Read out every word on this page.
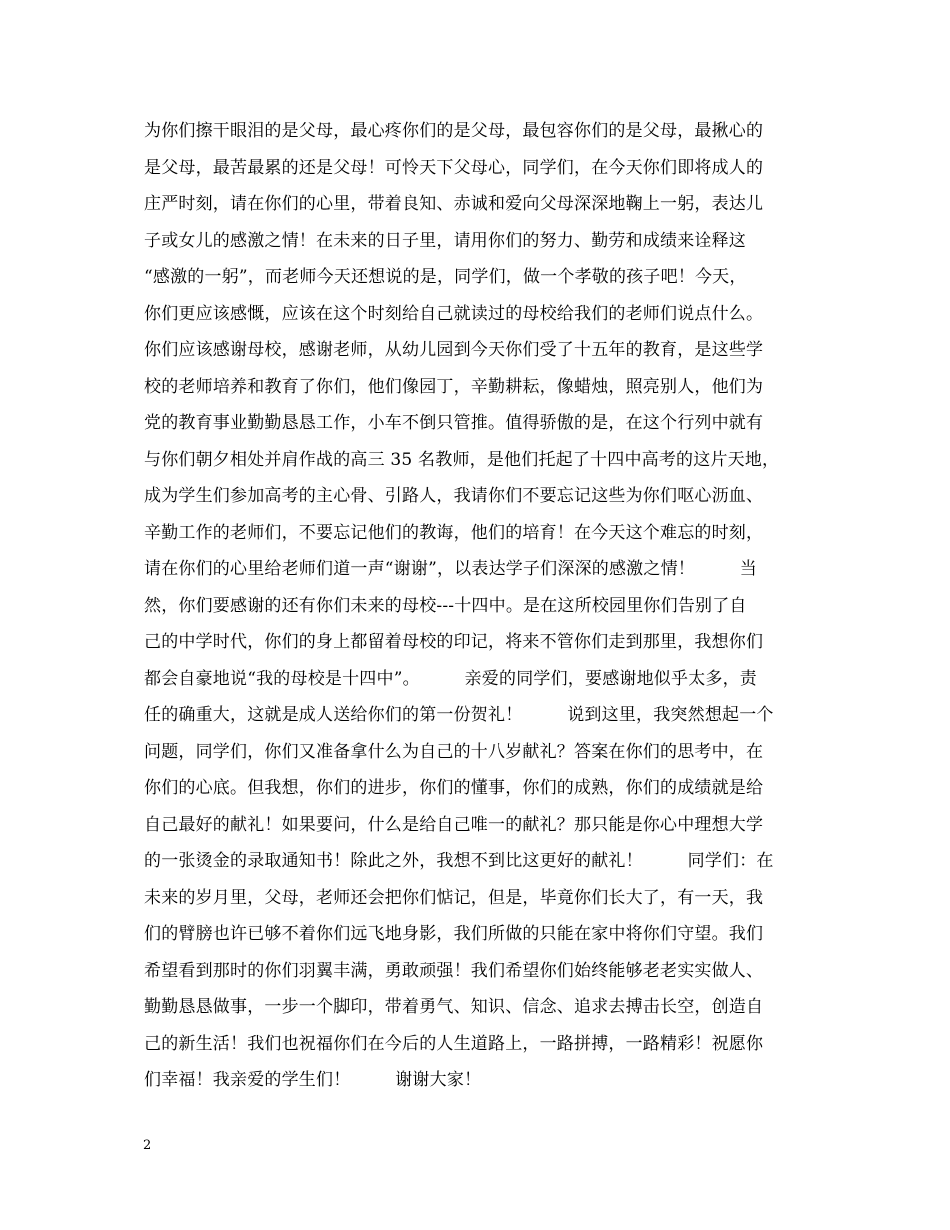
为你们擦干眼泪的是父母，最心疼你们的是父母，最包容你们的是父母，最揪心的
是父母，最苦最累的还是父母！可怜天下父母心，同学们，在今天你们即将成人的
庄严时刻，请在你们的心里，带着良知、赤诚和爱向父母深深地鞠上一躬，表达儿
子或女儿的感激之情！在未来的日子里，请用你们的努力、勤劳和成绩来诠释这
“感激的一躬”，而老师今天还想说的是，同学们，做一个孝敬的孩子吧！今天，
你们更应该感慨，应该在这个时刻给自己就读过的母校给我们的老师们说点什么。
你们应该感谢母校，感谢老师，从幼儿园到今天你们受了十五年的教育，是这些学
校的老师培养和教育了你们，他们像园丁，辛勤耕耘，像蜡烛，照亮别人，他们为
党的教育事业勤勤恳恳工作，小车不倒只管推。值得骄傲的是，在这个行列中就有
与你们朝夕相处并肩作战的高三 35 名教师，是他们托起了十四中高考的这片天地，
成为学生们参加高考的主心骨、引路人，我请你们不要忘记这些为你们呕心沥血、
辛勤工作的老师们，不要忘记他们的教诲，他们的培育！在今天这个难忘的时刻，
请在你们的心里给老师们道一声“谢谢”，以表达学子们深深的感激之情！        当
然，你们要感谢的还有你们未来的母校---十四中。是在这所校园里你们告别了自
己的中学时代，你们的身上都留着母校的印记，将来不管你们走到那里，我想你们
都会自豪地说“我的母校是十四中”。        亲爱的同学们，要感谢地似乎太多，责
任的确重大，这就是成人送给你们的第一份贺礼！        说到这里，我突然想起一个
问题，同学们，你们又准备拿什么为自己的十八岁献礼？答案在你们的思考中，在
你们的心底。但我想，你们的进步，你们的懂事，你们的成熟，你们的成绩就是给
自己最好的献礼！如果要问，什么是给自己唯一的献礼？那只能是你心中理想大学
的一张烫金的录取通知书！除此之外，我想不到比这更好的献礼！        同学们：在
未来的岁月里，父母，老师还会把你们惦记，但是，毕竟你们长大了，有一天，我
们的臂膀也许已够不着你们远飞地身影，我们所做的只能在家中将你们守望。我们
希望看到那时的你们羽翼丰满，勇敢顽强！我们希望你们始终能够老老实实做人、
勤勤恳恳做事，一步一个脚印，带着勇气、知识、信念、追求去搏击长空，创造自
己的新生活！我们也祝福你们在今后的人生道路上，一路拼搏，一路精彩！祝愿你
们幸福！我亲爱的学生们！        谢谢大家！
2
